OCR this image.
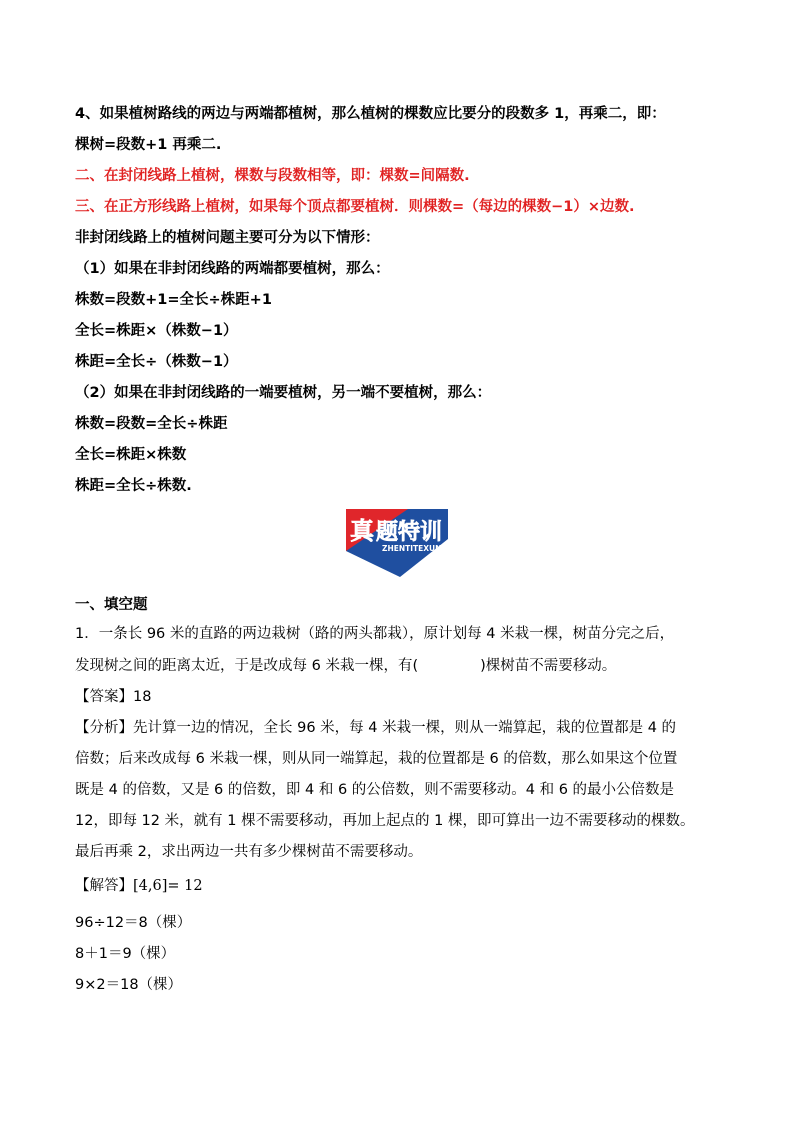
4、如果植树路线的两边与两端都植树，那么植树的棵数应比要分的段数多 1，再乘二，即：
棵树=段数+1 再乘二.
二、在封闭线路上植树，棵数与段数相等，即：棵数=间隔数.
三、在正方形线路上植树，如果每个顶点都要植树．则棵数=（每边的棵数−1）×边数.
非封闭线路上的植树问题主要可分为以下情形：
（1）如果在非封闭线路的两端都要植树，那么：
株数=段数+1=全长÷株距+1
全长=株距×（株数−1）
株距=全长÷（株数−1）
（2）如果在非封闭线路的一端要植树，另一端不要植树，那么：
株数=段数=全长÷株距
全长=株距×株数
株距=全长÷株数.
真 题特训
ZHENTITEXUN
一、填空题
1．一条长 96 米的直路的两边栽树（路的两头都栽），原计划每 4 米栽一棵，树苗分完之后，
发现树之间的距离太近，于是改成每 6 米栽一棵，有(	)棵树苗不需要移动。
【答案】18
【分析】先计算一边的情况，全长 96 米，每 4 米栽一棵，则从一端算起，栽的位置都是 4 的
倍数；后来改成每 6 米栽一棵，则从同一端算起，栽的位置都是 6 的倍数，那么如果这个位置
既是 4 的倍数，又是 6 的倍数，即 4 和 6 的公倍数，则不需要移动。4 和 6 的最小公倍数是
12，即每 12 米，就有 1 棵不需要移动，再加上起点的 1 棵，即可算出一边不需要移动的棵数。
最后再乘 2，求出两边一共有多少棵树苗不需要移动。
【解答】[4,6]= 12
96÷12＝8（棵）
8＋1＝9（棵）
9×2＝18（棵）
